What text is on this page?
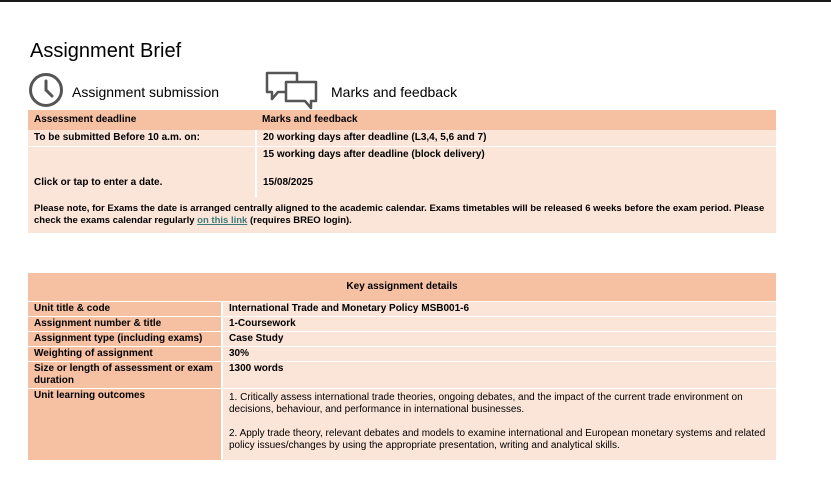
Assignment Brief
Assignment submission	Marks and feedback
Assessment deadline	Marks and feedback
To be submitted Before 10 a.m. on:	20 working days after deadline (L3,4, 5,6 and 7)
	15 working days after deadline (block delivery)
Click or tap to enter a date.	15/08/2025
Please note, for Exams the date is arranged centrally aligned to the academic calendar. Exams timetables will be released 6 weeks before the exam period. Please check the exams calendar regularly on this link (requires BREO login).	
Key assignment details	
Unit title & code	International Trade and Monetary Policy MSB001-6
Assignment number & title	1-Coursework
Assignment type (including exams)	Case Study
Weighting of assignment	30%
Size or length of assessment or exam duration	1300 words
Unit learning outcomes	1. Critically assess international trade theories, ongoing debates, and the impact of the current trade environment on decisions, behaviour, and performance in international businesses.

2. Apply trade theory, relevant debates and models to examine international and European monetary systems and related policy issues/changes by using the appropriate presentation, writing and analytical skills.
